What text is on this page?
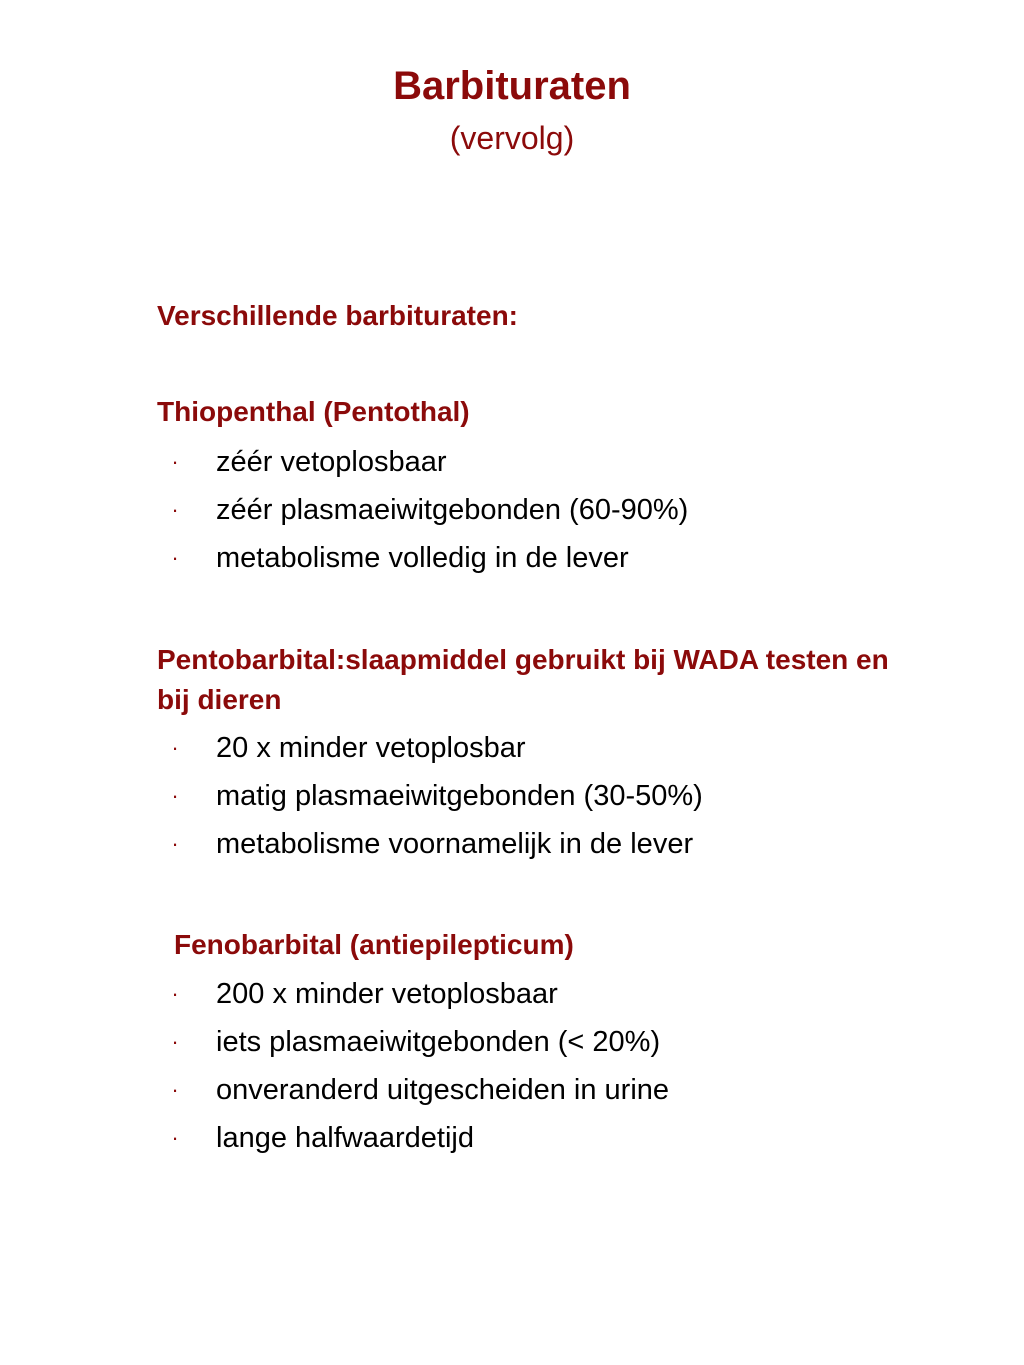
Barbituraten
(vervolg)
Verschillende barbituraten:
Thiopenthal (Pentothal)
· zéér vetoplosbaar
· zéér plasmaeiwitgebonden (60-90%)
· metabolisme volledig in de lever
Pentobarbital:slaapmiddel gebruikt bij WADA testen en bij dieren
· 20 x minder vetoplosbar
· matig plasmaeiwitgebonden (30-50%)
· metabolisme voornamelijk in de lever
Fenobarbital (antiepilepticum)
· 200 x minder vetoplosbaar
· iets plasmaeiwitgebonden (< 20%)
· onveranderd uitgescheiden in urine
· lange halfwaardetijd
